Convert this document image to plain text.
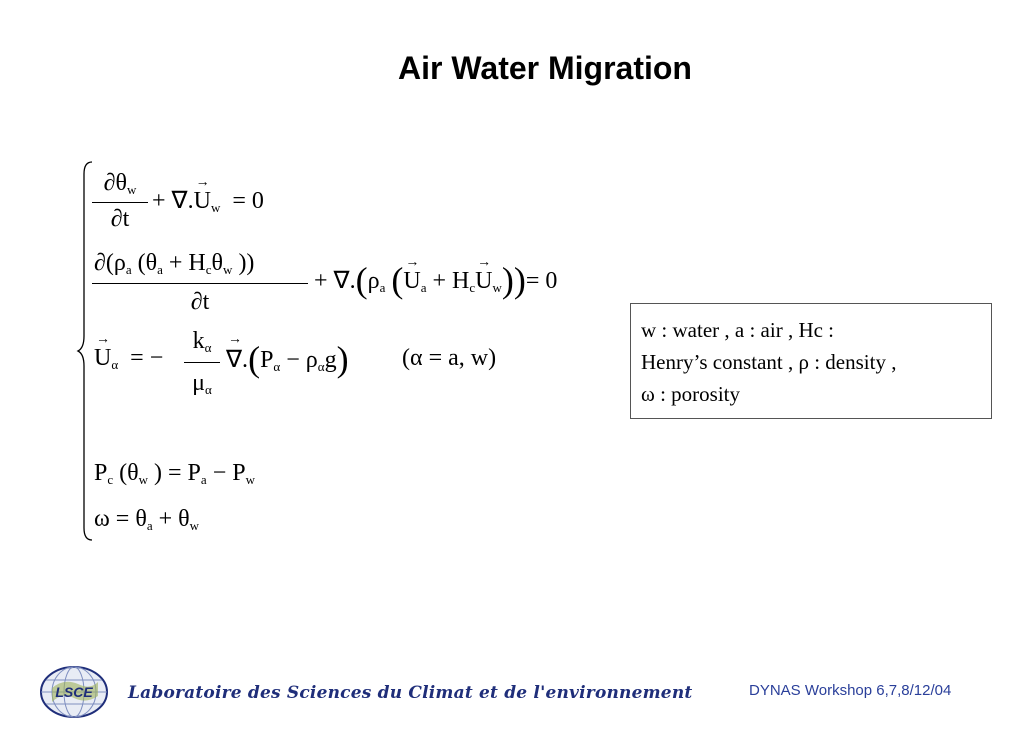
Air Water Migration
$\partial\theta_w$
∂t
+ ∇.→ $U_w = 0$
$\partial(\rho_a$ ($\theta_a + H_c\theta_w$ ))
∂t
+ $\nabla.(\rho_a$ (→ $U_a + H_c\to U_w))= 0$
→ $U_\alpha$ = −
$k_\alpha$
$\mu_\alpha$
→ $\nabla.(P_\alpha - \rho_\alpha g) (\alpha = a$, w)
$P_c$ ($\theta_w$ ) = $P_a - P_w$
$\omega = \theta_a + \theta_w$
w : water , a : air , Hc :
Henry’s constant , ρ : density ,
ω : porosity
LSCE Laboratoire des Sciences du Climat et de l'environnement	DYNAS Workshop 6,7,8/12/04
